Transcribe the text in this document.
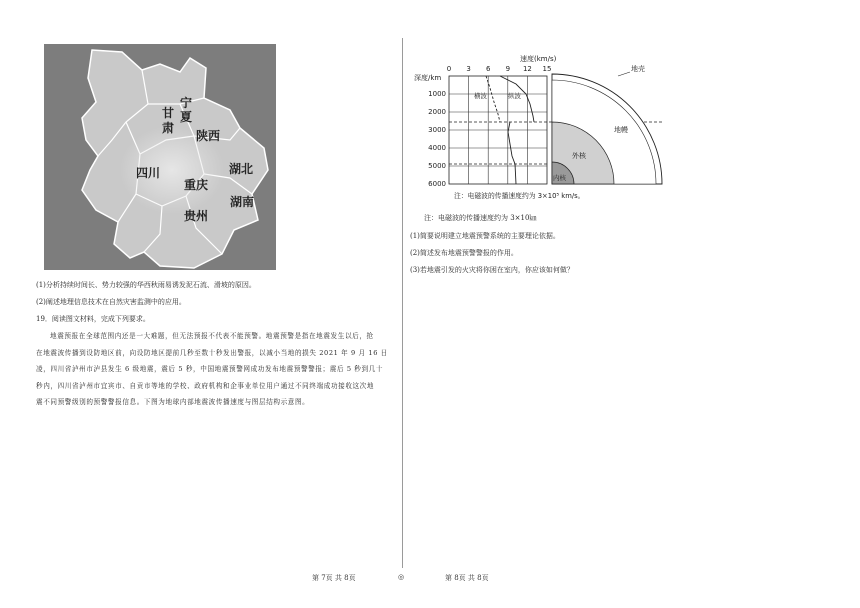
宁
夏
甘
肃
陕西
四川
重庆
湖北
湖南
贵州
(1)分析持续时间长、势力较强的华西秋雨易诱发泥石流、滑坡的原因。
(2)阐述地理信息技术在自然灾害监测中的应用。
19．阅读图文材料，完成下列要求。

地震预报在全球范围内还是一大难题，但无法预报不代表不能预警。地震预警是指在地震发生以后，抢

在地震波传播到设防地区前，向设防地区提前几秒至数十秒发出警报，以减小当地的损失 2021 年 9 月 16 日

凌，四川省泸州市泸县发生 6 级地震，震后 5 秒，中国地震预警网成功发布地震预警警报；震后 5 秒到几十

秒内，四川省泸州市宜宾市、自贡市等地的学校、政府机构和企事业单位用户通过不同终端成功接收这次地

震不同预警级别的预警警报信息。下图为地球内部地震波传播速度与图层结构示意图。

速度(km/s)
0 3 6 9 12 15
深度/km
1000
2000
3000
4000
5000
6000
横波	纵波
地壳
地幔
外核
内核
注：电磁波的传播速度约为 3×10⁵ km/s。
注：电磁波的传播速度约为 3×10㎞
(1)简要说明建立地震预警系统的主要理论依据。
(2)简述发布地震预警警报的作用。
(3)若地震引发的火灾将你困在室内，你应该如何做？
第 7页 共 8页	◎	第 8页 共 8页
